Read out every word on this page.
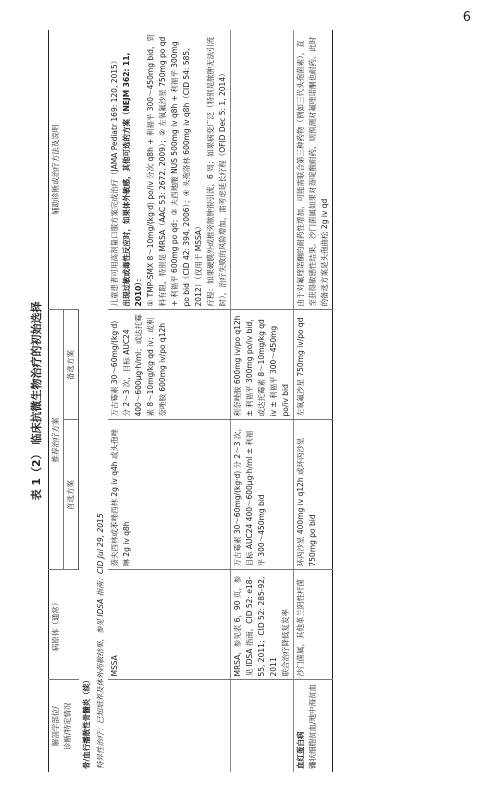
6
表 1（2） 临床抗微生物治疗的初始选择
解剖学部位/ 诊断/特定情况	病原体（通常）	推荐治疗方案		辅助诊断或治疗方法及说明
		首选方案	备选方案	
骨/血行播散性骨髓炎（续）				
特异性治疗：已知培养及体外药敏结果，参见 IDSA 指南：CID Jul 29, 2015				
	MSSA	萘夫西林或苯唑西林 2g iv q4h 或头孢唑啉 2g iv q8h	万古霉素 30～60mg/(kg·d) 分 2～3 次，目标 AUC24 400～600μg·h/ml；或达托霉素 8～10mg/kg qd iv；或利奈唑胺 600mg iv/po q12h	儿童患者可用高剂量口服方案完成治疗（JAMA Pediatr 169: 120, 2015） 出现过敏或毒性反应时，如果体外敏感，其他可选的方案（NEJM 362: 11, 2010）： ① TMP-SMX 8～10mg/(kg·d) po/iv 分次 q8h + 利福平 300～450mg bid，资料有限，特别是 MRSA（AAC 53: 2672, 2009）；② 左氧氟沙星 750mg po qd + 利福平 600mg po qd；③ 夫西地酸 NUS 500mg iv q8h + 利福平 300mg po bid（CID 42: 394, 2006）；④ 头孢洛林 600mg iv q8h（CID 54: 585, 2012）（仅用于 MSSA） 疗程：如果硬膜外或椎旁脓肿很引流，6 周；如果病变广泛（特别是脓肿无法引流时），治疗失败的风险增加，需考虑延长疗程（OFID Dec 5: 1, 2014）

	MRSA，参见表 6，90 页，参见 IDSA 指南，CID 52: e18-55, 2011；CID 52: 285-92, 2011 联合治疗降低复发率	万古霉素 30～60mg/(kg·d) 分 2～3 次，目标 AUC24 400～600μg·h/ml ± 利福平 300～450mg bid	利奈唑胺 600mg iv/po q12h ± 利福平 300mg po/iv bid，或达托霉素 8～10mg/kg qd iv ± 利福平 300～450mg po/iv bid	

血红蛋白病 镰状细胞贫血/地中海贫血	沙门菌属，其他革兰阴性杆菌	环丙沙星 400mg iv q12h 或环丙沙星 750mg po bid	左氧氟沙星 750mg iv/po qd	由于对氟喹诺酮的耐药性增加，可能需联合第三种药物（例如三代头孢菌素），直至获得敏感性结果。沙门菌属如果对萘啶酸耐药，则预测对氟喹诺酮也耐药。此时的备选方案是头孢曲松 2g iv qd
